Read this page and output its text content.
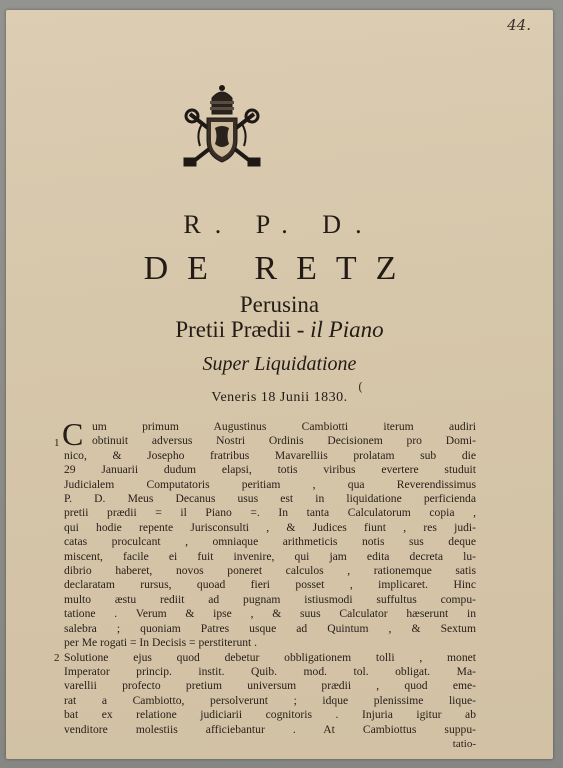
44.
R. P. D.
DE RETZ
Perusina
Pretii Prædii - il Piano
Super Liquidatione
(
Veneris 18 Junii 1830.
1 C um primum Augustinus Cambiotti iterum audiri
obtinuit adversus Nostri Ordinis Decisionem pro Domi-
nico, & Josepho fratribus Mavarelliis prolatam sub die
29 Januarii dudum elapsi, totis viribus evertere studuit
Judicialem Computatoris peritiam , qua Reverendissimus
P. D. Meus Decanus usus est in liquidatione perficienda
pretii prædii = il Piano =. In tanta Calculatorum copia ,
qui hodie repente Jurisconsulti , & Judices fiunt , res judi-
catas proculcant , omniaque arithmeticis notis sus deque
miscent, facile ei fuit invenire, qui jam edita decreta lu-
dibrio haberet, novos poneret calculos , rationemque satis
declaratam rursus, quoad fieri posset , implicaret. Hinc
multo æstu rediit ad pugnam istiusmodi suffultus compu-
tatione . Verum & ipse , & suus Calculator hæserunt in
salebra ; quoniam Patres usque ad Quintum , & Sextum
per Me rogati = In Decisis = perstiterunt .
2 Solutione ejus quod debetur obbligationem tolli , monet
Imperator princip. instit. Quib. mod. tol. obligat. Ma-
varellii profecto pretium universum prædii , quod eme-
rat a Cambiotto, persolverunt ; idque plenissime lique-
bat ex relatione judiciarii cognitoris . Injuria igitur ab
venditore molestiis afficiebantur . At Cambiottus suppu-
tatio-
